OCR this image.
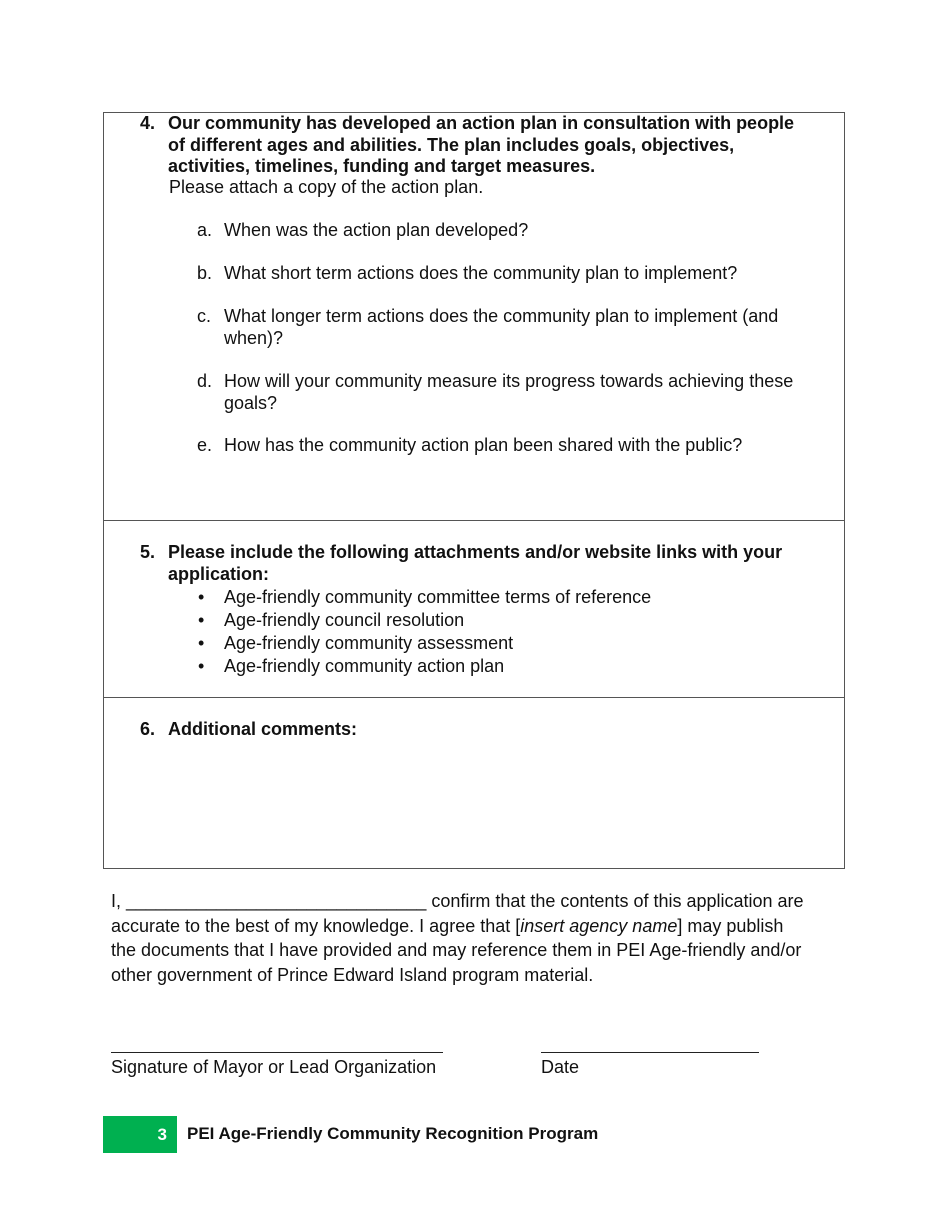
4. Our community has developed an action plan in consultation with people
of different ages and abilities. The plan includes goals, objectives,
activities, timelines, funding and target measures.
Please attach a copy of the action plan.
a. When was the action plan developed?
b. What short term actions does the community plan to implement?
c. What longer term actions does the community plan to implement (and
when)?
d. How will your community measure its progress towards achieving these
goals?
e. How has the community action plan been shared with the public?
5. Please include the following attachments and/or website links with your
application:
• Age-friendly community committee terms of reference
• Age-friendly council resolution
• Age-friendly community assessment
• Age-friendly community action plan
6. Additional comments:
I, ______________________________ confirm that the contents of this application are
accurate to the best of my knowledge. I agree that [insert agency name] may publish
the documents that I have provided and may reference them in PEI Age-friendly and/or
other government of Prince Edward Island program material.
Signature of Mayor or Lead Organization	Date
3	PEI Age-Friendly Community Recognition Program
